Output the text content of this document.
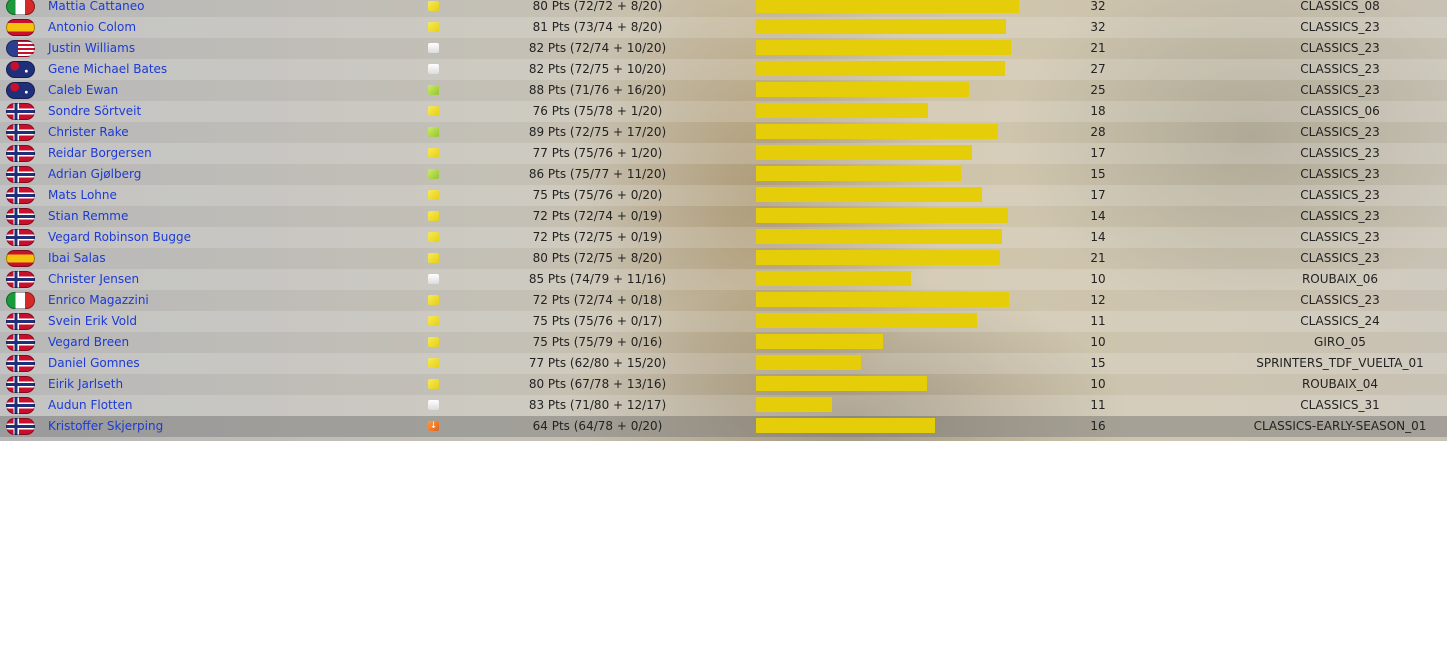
Mattia Cattaneo	80 Pts (72/72 + 8/20)	32	CLASSICS_08
Antonio Colom	81 Pts (73/74 + 8/20)	32	CLASSICS_23
Justin Williams	82 Pts (72/74 + 10/20)	21	CLASSICS_23
Gene Michael Bates	82 Pts (72/75 + 10/20)	27	CLASSICS_23
Caleb Ewan	88 Pts (71/76 + 16/20)	25	CLASSICS_23
Sondre Sörtveit	76 Pts (75/78 + 1/20)	18	CLASSICS_06
Christer Rake	89 Pts (72/75 + 17/20)	28	CLASSICS_23
Reidar Borgersen	77 Pts (75/76 + 1/20)	17	CLASSICS_23
Adrian Gjølberg	86 Pts (75/77 + 11/20)	15	CLASSICS_23
Mats Lohne	75 Pts (75/76 + 0/20)	17	CLASSICS_23
Stian Remme	72 Pts (72/74 + 0/19)	14	CLASSICS_23
Vegard Robinson Bugge	72 Pts (72/75 + 0/19)	14	CLASSICS_23
Ibai Salas	80 Pts (72/75 + 8/20)	21	CLASSICS_23
Christer Jensen	85 Pts (74/79 + 11/16)	10	ROUBAIX_06
Enrico Magazzini	72 Pts (72/74 + 0/18)	12	CLASSICS_23
Svein Erik Vold	75 Pts (75/76 + 0/17)	11	CLASSICS_24
Vegard Breen	75 Pts (75/79 + 0/16)	10	GIRO_05
Daniel Gomnes	77 Pts (62/80 + 15/20)	15	SPRINTERS_TDF_VUELTA_01
Eirik Jarlseth	80 Pts (67/78 + 13/16)	10	ROUBAIX_04
Audun Flotten	83 Pts (71/80 + 12/17)	11	CLASSICS_31
Kristoffer Skjerping	↓	64 Pts (64/78 + 0/20)	16	CLASSICS-EARLY-SEASON_01
